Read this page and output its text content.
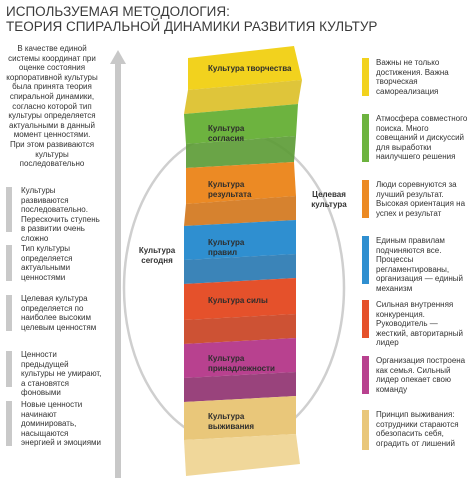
ИСПОЛЬЗУЕМАЯ МЕТОДОЛОГИЯ:
ТЕОРИЯ СПИРАЛЬНОЙ ДИНАМИКИ РАЗВИТИЯ КУЛЬТУР
В качестве единой системы координат при оценке состояния корпоративной культуры была принята теория спиральной динамики, согласно которой тип культуры определяется актуальными в данный момент ценностями. При этом развиваются культуры последовательно
Культуры развиваются последовательно. Перескочить ступень в развитии очень сложно
Тип культуры определяется актуальными ценностями
Целевая культура определяется по наиболее высоким целевым ценностям
Ценности предыдущей культуры не умирают, а становятся фоновыми
Новые ценности начинают доминировать, насыщаются энергией и эмоциями
Культура творчества
Культура согласия
Культура результата
Культура правил
Культура силы
Культура принадлежности
Культура выживания
Культура сегодня
Целевая культура
Важны не только достижения. Важна творческая самореализация
Атмосфера совместного поиска. Много совещаний и дискуссий для выработки наилучшего решения
Люди соревнуются за лучший результат. Высокая ориентация на успех и результат
Единым правилам подчиняются все. Процессы регламентированы, организация — единый механизм
Сильная внутренняя конкуренция. Руководитель — жесткий, авторитарный лидер
Организация построена как семья. Сильный лидер опекает свою команду
Принцип выживания: сотрудники стараются обезопасить себя, оградить от лишений
